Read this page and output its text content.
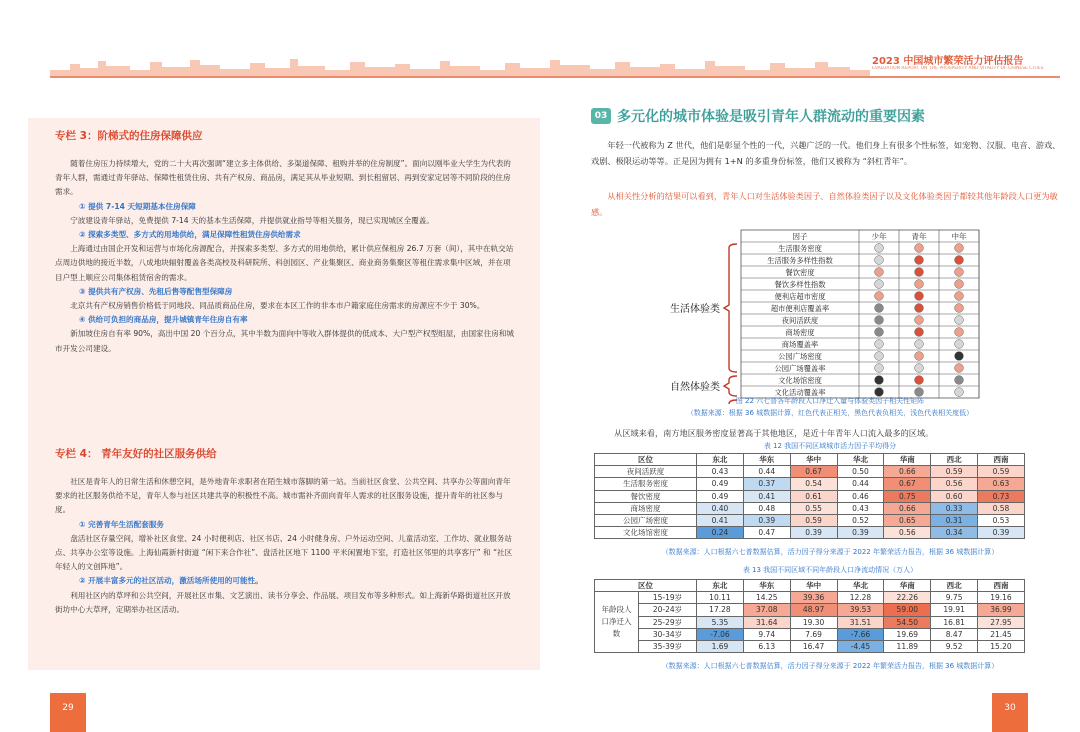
2023 中国城市繁荣活力评估报告
EVALUATION REPORT ON THE PROSPERITY AND VITALITY OF CHINESE CITIES
专栏 3：阶梯式的住房保障供应
随着住房压力持续增大，党的二十大再次强调“建立多主体供给、多渠道保障、租购并举的住房制度”。面向以刚毕业大学生为代表的青年人群，需通过青年驿站、保障性租赁住房、共有产权房、商品房，满足其从毕业短期、到长租留居、再到安家定居等不同阶段的住房需求。
① 提供 7-14 天短期基本住房保障
宁波建设青年驿站，免费提供 7-14 天的基本生活保障，并提供就业指导等相关服务，现已实现城区全覆盖。
② 探索多类型、多方式的用地供给，满足保障性租赁住房供给需求
上海通过由国企开发和运营与市场化房源配合，并探索多类型、多方式的用地供给，累计供应保租房 26.7 万套（间），其中在轨交站点周边供地的接近半数，八成地块辐射覆盖各类高校及科研院所、科创园区、产业集聚区、商业商务集聚区等租住需求集中区域，并在项目户型上顺应公司集体租赁宿舍的需求。
③ 提供共有产权房、先租后售等配售型保障房
北京共有产权房销售价格低于同地段、同品质商品住房，要求在本区工作的非本市户籍家庭住房需求的房源应不少于 30%。
④ 供给可负担的商品房，提升城镇青年住房自有率
新加坡住房自有率 90%，高出中国 20 个百分点，其中半数为面向中等收入群体提供的低成本、大户型产权型组屋，由国家住房和城市开发公司建设。
专栏 4： 青年友好的社区服务供给
社区是青年人的日常生活和休憩空间，是外地青年求职者在陌生城市落脚的第一站。当前社区食堂、公共空间、共享办公等面向青年要求的社区服务供给不足，青年人参与社区共建共享的积极性不高。城市需补齐面向青年人需求的社区服务设施，提升青年的社区参与度。
① 完善青年生活配套服务
盘活社区存量空间，增补社区食堂、24 小时便利店、社区书店、24 小时健身房、户外运动空间、儿童活动室、工作坊、就业服务站点、共享办公室等设施。上海仙霞新村街道 “闲下来合作社”、盘活社区地下 1100 平米闲置地下室，打造社区邻里的共享客厅” 和 “社区年轻人的文创阵地”。
② 开展丰富多元的社区活动，激活场所使用的可能性。
利用社区内的草坪和公共空间，开展社区市集、文艺演出、读书分享会、作品展、项目发布等多种形式。如上海新华路街道社区开放街坊中心大草坪，定期举办社区活动。
29
03 多元化的城市体验是吸引青年人群流动的重要因素
年轻一代被称为 Z 世代，他们是彰显个性的一代，兴趣广泛的一代。他们身上有很多个性标签，如宠物、汉服、电音、游戏、戏剧、极限运动等等。正是因为拥有 1+N 的多重身份标签，他们又被称为 “斜杠青年”。
从相关性分析的结果可以看到，青年人口对生活体验类因子、自然体验类因子以及文化体验类因子都较其他年龄段人口更为敏感。
因子	少年	青年	中年
生活服务密度
生活服务多样性指数
餐饮密度
餐饮多样性指数
便利店超市密度
超市便利店覆盖率
夜间活跃度
商场密度
商场覆盖率
公园广场密度
公园广场覆盖率
文化场馆密度
文化活动覆盖率
生活体验类
自然体验类
图 22 六七普各年龄段人口净迁入量与体验类因子相关性矩阵
（数据来源：根据 36 城数据计算，红色代表正相关，黑色代表负相关，浅色代表相关度低）
从区域来看，南方地区服务密度显著高于其他地区，是近十年青年人口流入最多的区域。
表 12 我国不同区域城市活力因子平均得分
区位	东北	华东	华中	华北	华南	西北	西南
夜间活跃度	0.43	0.44	0.67	0.50	0.66	0.59	0.59
生活服务密度	0.49	0.37	0.54	0.44	0.67	0.56	0.63
餐饮密度	0.49	0.41	0.61	0.46	0.75	0.60	0.73
商场密度	0.40	0.48	0.55	0.43	0.66	0.33	0.58
公园广场密度	0.41	0.39	0.59	0.52	0.65	0.31	0.53
文化场馆密度	0.24	0.47	0.39	0.39	0.56	0.34	0.39
（数据来源：人口根据六七普数据估算，活力因子得分来源于 2022 年繁荣活力报告，根据 36 城数据计算）
表 13 我国不同区域不同年龄段人口净流动情况（万人）
区位		东北	华东	华中	华北	华南	西北	西南
年龄段人口净迁入数	15-19岁	10.11	14.25	39.36	12.28	22.26	9.75	19.16
	20-24岁	17.28	37.08	48.97	39.53	59.00	19.91	36.99
	25-29岁	5.35	31.64	19.30	31.51	54.50	16.81	27.95
	30-34岁	-7.06	9.74	7.69	-7.66	19.69	8.47	21.45
	35-39岁	1.69	6.13	16.47	-4.45	11.89	9.52	15.20
（数据来源：人口根据六七普数据估算，活力因子得分来源于 2022 年繁荣活力报告，根据 36 城数据计算）
30
